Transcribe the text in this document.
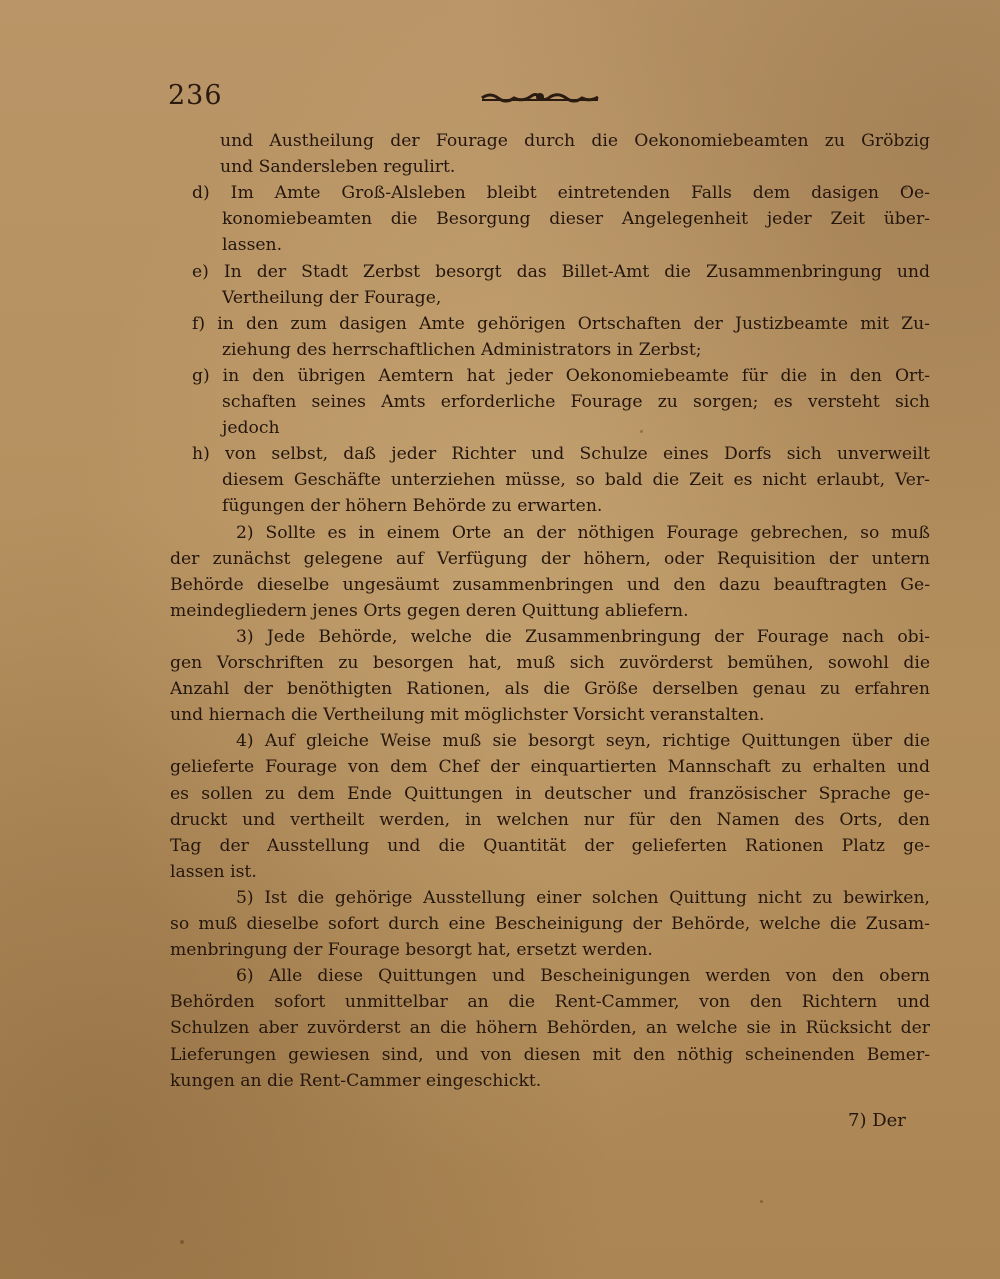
236
und Austheilung der Fourage durch die Oekonomiebeamten zu Gröbzig
und Sandersleben regulirt.
d) Im Amte Groß-Alsleben bleibt eintretenden Falls dem dasigen Oe-
konomiebeamten die Besorgung dieser Angelegenheit jeder Zeit über-
lassen.
e) In der Stadt Zerbst besorgt das Billet-Amt die Zusammenbringung und
Vertheilung der Fourage,
f) in den zum dasigen Amte gehörigen Ortschaften der Justizbeamte mit Zu-
ziehung des herrschaftlichen Administrators in Zerbst;
g) in den übrigen Aemtern hat jeder Oekonomiebeamte für die in den Ort-
schaften seines Amts erforderliche Fourage zu sorgen; es versteht sich
jedoch
h) von selbst, daß jeder Richter und Schulze eines Dorfs sich unverweilt
diesem Geschäfte unterziehen müsse, so bald die Zeit es nicht erlaubt, Ver-
fügungen der höhern Behörde zu erwarten.
2) Sollte es in einem Orte an der nöthigen Fourage gebrechen, so muß
der zunächst gelegene auf Verfügung der höhern, oder Requisition der untern
Behörde dieselbe ungesäumt zusammenbringen und den dazu beauftragten Ge-
meindegliedern jenes Orts gegen deren Quittung abliefern.
3) Jede Behörde, welche die Zusammenbringung der Fourage nach obi-
gen Vorschriften zu besorgen hat, muß sich zuvörderst bemühen, sowohl die
Anzahl der benöthigten Rationen, als die Größe derselben genau zu erfahren
und hiernach die Vertheilung mit möglichster Vorsicht veranstalten.
4) Auf gleiche Weise muß sie besorgt seyn, richtige Quittungen über die
gelieferte Fourage von dem Chef der einquartierten Mannschaft zu erhalten und
es sollen zu dem Ende Quittungen in deutscher und französischer Sprache ge-
druckt und vertheilt werden, in welchen nur für den Namen des Orts, den
Tag der Ausstellung und die Quantität der gelieferten Rationen Platz ge-
lassen ist.
5) Ist die gehörige Ausstellung einer solchen Quittung nicht zu bewirken,
so muß dieselbe sofort durch eine Bescheinigung der Behörde, welche die Zusam-
menbringung der Fourage besorgt hat, ersetzt werden.
6) Alle diese Quittungen und Bescheinigungen werden von den obern
Behörden sofort unmittelbar an die Rent-Cammer, von den Richtern und
Schulzen aber zuvörderst an die höhern Behörden, an welche sie in Rücksicht der
Lieferungen gewiesen sind, und von diesen mit den nöthig scheinenden Bemer-
kungen an die Rent-Cammer eingeschickt.
7) Der
